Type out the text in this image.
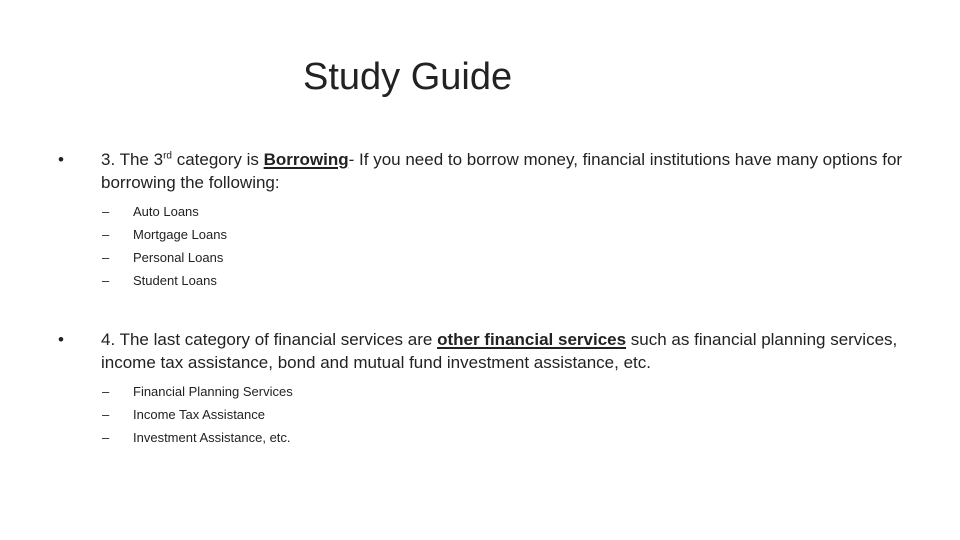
Study Guide
• 3. The 3rd category is Borrowing- If you need to borrow money, financial institutions have many options for borrowing the following:
– Auto Loans
– Mortgage Loans
– Personal Loans
– Student Loans
• 4. The last category of financial services are other financial services such as financial planning services, income tax assistance, bond and mutual fund investment assistance, etc.
– Financial Planning Services
– Income Tax Assistance
– Investment Assistance, etc.
